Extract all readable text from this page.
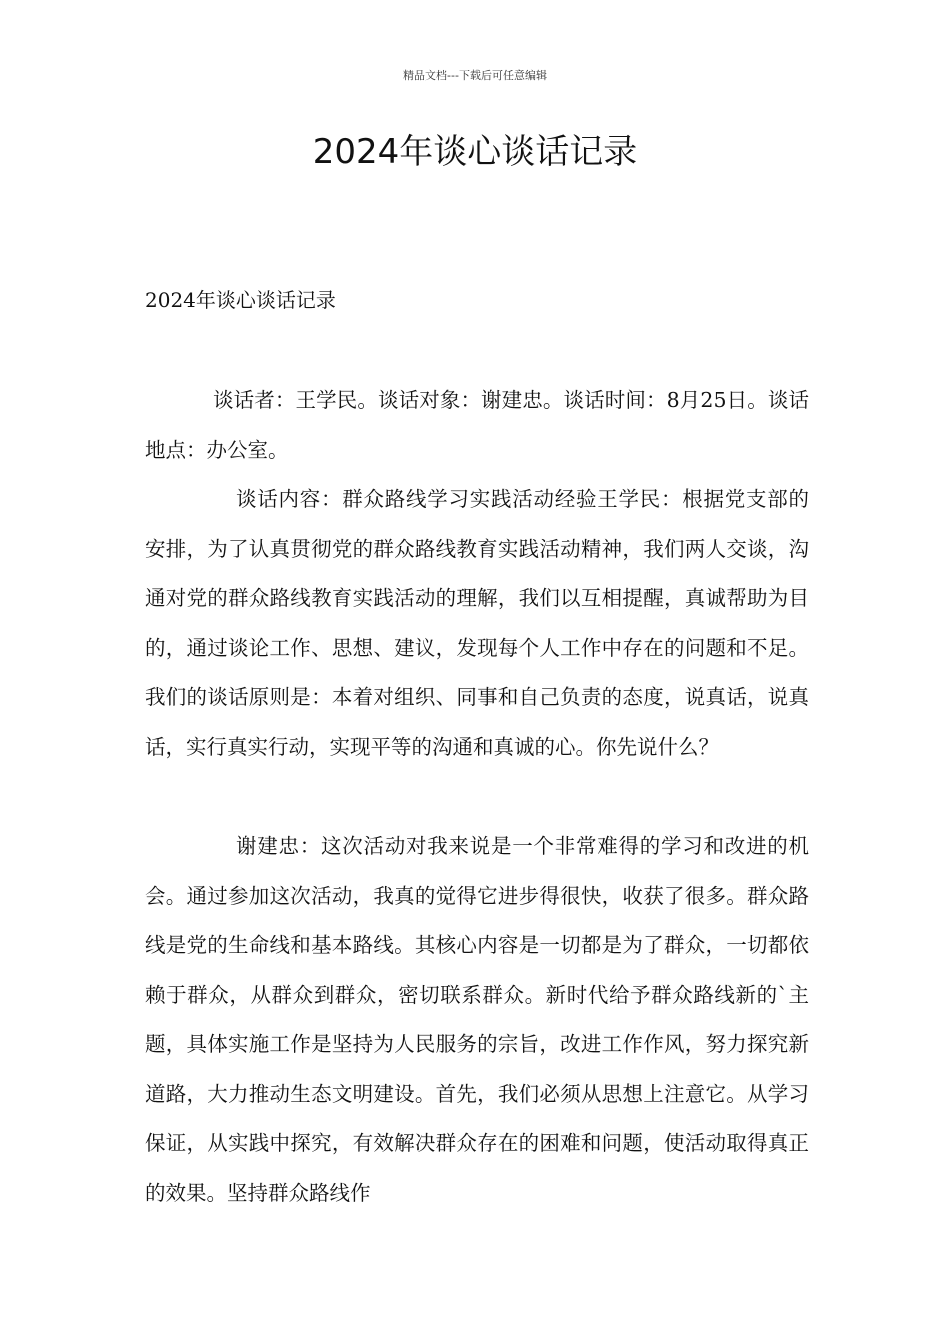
精品文档---下载后可任意编辑
2024年谈心谈话记录
2024年谈心谈话记录

谈话者：王学民。谈话对象：谢建忠。谈话时间：8月25日。谈话地点：办公室。

谈话内容：群众路线学习实践活动经验王学民：根据党支部的安排，为了认真贯彻党的群众路线教育实践活动精神，我们两人交谈，沟通对党的群众路线教育实践活动的理解，我们以互相提醒，真诚帮助为目的，通过谈论工作、思想、建议，发现每个人工作中存在的问题和不足。我们的谈话原则是：本着对组织、同事和自己负责的态度，说真话，说真话，实行真实行动，实现平等的沟通和真诚的心。你先说什么？

谢建忠：这次活动对我来说是一个非常难得的学习和改进的机会。通过参加这次活动，我真的觉得它进步得很快，收获了很多。群众路线是党的生命线和基本路线。其核心内容是一切都是为了群众，一切都依赖于群众，从群众到群众，密切联系群众。新时代给予群众路线新的`主题，具体实施工作是坚持为人民服务的宗旨，改进工作作风，努力探究新道路，大力推动生态文明建设。首先，我们必须从思想上注意它。从学习保证，从实践中探究，有效解决群众存在的困难和问题，使活动取得真正的效果。坚持群众路线作
